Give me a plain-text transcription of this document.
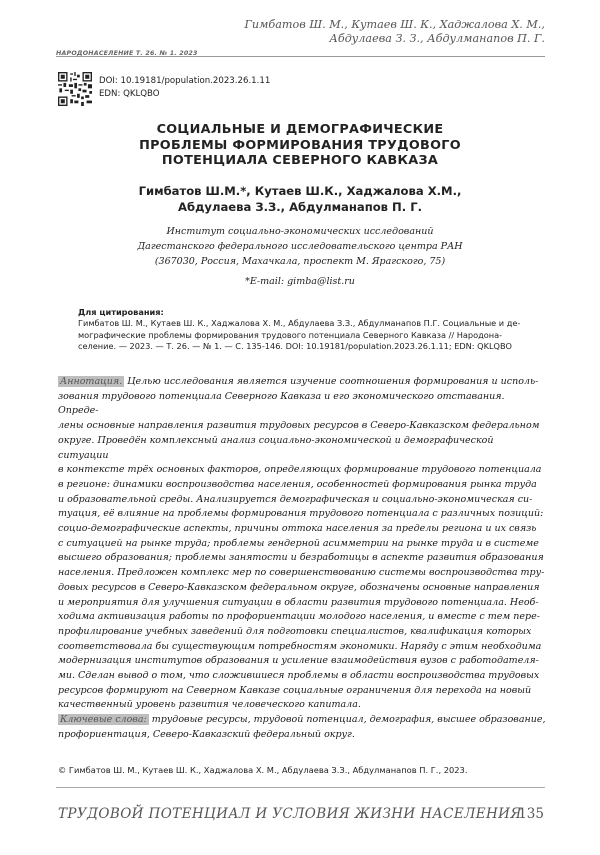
Гимбатов Ш. М., Кутаев Ш. К., Хаджалова Х. М.,
Абдулаева З. З., Абдулманапов П. Г.
НАРОДОНАСЕЛЕНИЕ Т. 26. № 1. 2023
DOI: 10.19181/population.2023.26.1.11
EDN: QKLQBO
СОЦИАЛЬНЫЕ И ДЕМОГРАФИЧЕСКИЕ
ПРОБЛЕМЫ ФОРМИРОВАНИЯ ТРУДОВОГО
ПОТЕНЦИАЛА СЕВЕРНОГО КАВКАЗА
Гимбатов Ш.М.*, Кутаев Ш.К., Хаджалова Х.М.,
Абдулаева З.З., Абдулманапов П. Г.
Институт социально-экономических исследований
Дагестанского федерального исследовательского центра РАН
(367030, Россия, Махачкала, проспект М. Ярагского, 75)
*E-mail: gimba@list.ru
Для цитирования:
Гимбатов Ш. М., Кутаев Ш. К., Хаджалова Х. М., Абдулаева З.З., Абдулманапов П.Г. Социальные и де-
мографические проблемы формирования трудового потенциала Северного Кавказа // Народона-
селение. — 2023. — Т. 26. — № 1. — С. 135-146. DOI: 10.19181/population.2023.26.1.11; EDN: QKLQBO
Аннотация. Целью исследования является изучение соотношения формирования и исполь-
зования трудового потенциала Северного Кавказа и его экономического отставания. Опреде-
лены основные направления развития трудовых ресурсов в Северо-Кавказском федеральном
округе. Проведён комплексный анализ социально-экономической и демографической ситуации
в контексте трёх основных факторов, определяющих формирование трудового потенциала
в регионе: динамики воспроизводства населения, особенностей формирования рынка труда
и образовательной среды. Анализируется демографическая и социально-экономическая си-
туация, её влияние на проблемы формирования трудового потенциала с различных позиций:
социо-демографические аспекты, причины оттока населения за пределы региона и их связь
с ситуацией на рынке труда; проблемы гендерной асимметрии на рынке труда и в системе
высшего образования; проблемы занятости и безработицы в аспекте развития образования
населения. Предложен комплекс мер по совершенствованию системы воспроизводства тру-
довых ресурсов в Северо-Кавказском федеральном округе, обозначены основные направления
и мероприятия для улучшения ситуации в области развития трудового потенциала. Необ-
ходима активизация работы по профориентации молодого населения, и вместе с тем пере-
профилирование учебных заведений для подготовки специалистов, квалификация которых
соответствовала бы существующим потребностям экономики. Наряду с этим необходима
модернизация институтов образования и усиление взаимодействия вузов с работодателя-
ми. Сделан вывод о том, что сложившиеся проблемы в области воспроизводства трудовых
ресурсов формируют на Северном Кавказе социальные ограничения для перехода на новый
качественный уровень развития человеческого капитала.
Ключевые слова: трудовые ресурсы, трудовой потенциал, демография, высшее образование,
профориентация, Северо-Кавказский федеральный округ.
© Гимбатов Ш. М., Кутаев Ш. К., Хаджалова Х. М., Абдулаева З.З., Абдулманапов П. Г., 2023.
ТРУДОВОЙ ПОТЕНЦИАЛ И УСЛОВИЯ ЖИЗНИ НАСЕЛЕНИЯ
135
